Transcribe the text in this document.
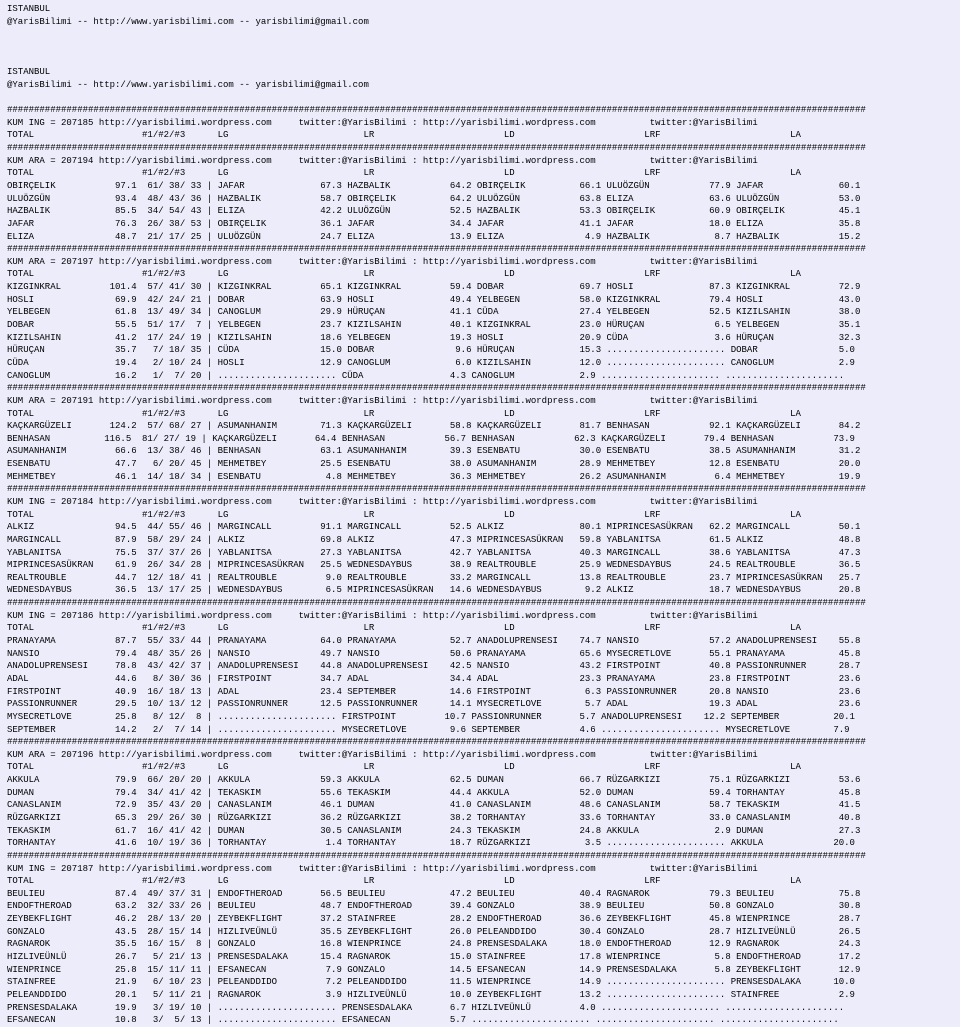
ISTANBUL
@YarisBilimi -- http://www.yarisbilimi.com -- yarisbilimi@gmail.com
ISTANBUL
@YarisBilimi -- http://www.yarisbilimi.com -- yarisbilimi@gmail.com
###############################################################################################################################################################
KUM ING = 207185 http://yarisbilimi.wordpress.com     twitter:@YarisBilimi : http://yarisbilimi.wordpress.com          twitter:@YarisBilimi
TOTAL                    #1/#2/#3      LG                         LR                        LD                        LRF                        LA
###############################################################################################################################################################
KUM ARA = 207194 http://yarisbilimi.wordpress.com     twitter:@YarisBilimi : http://yarisbilimi.wordpress.com          twitter:@YarisBilimi
TOTAL                    #1/#2/#3      LG                         LR                        LD                        LRF                        LA
OBIRÇELIK           97.1  61/ 38/ 33 | JAFAR              67.3 HAZBALIK           64.2 OBIRÇELIK          66.1 ULUÖZGÜN           77.9 JAFAR              60.1
ULUÖZGÜN            93.4  48/ 43/ 36 | HAZBALIK           58.7 OBIRÇELIK          64.2 ULUÖZGÜN           63.8 ELIZA              63.6 ULUÖZGÜN           53.0
HAZBALIK            85.5  34/ 54/ 43 | ELIZA              42.2 ULUÖZGÜN           52.5 HAZBALIK           53.3 OBIRÇELIK          60.9 OBIRÇELIK          45.1
JAFAR               76.3  26/ 38/ 53 | OBIRÇELIK          36.1 JAFAR              34.4 JAFAR              41.1 JAFAR              18.0 ELIZA              35.8
ELIZA               48.7  21/ 17/ 25 | ULUÖZGÜN           24.7 ELIZA              13.9 ELIZA               4.9 HAZBALIK            8.7 HAZBALIK           15.2
###############################################################################################################################################################
KUM ARA = 207197 http://yarisbilimi.wordpress.com     twitter:@YarisBilimi : http://yarisbilimi.wordpress.com          twitter:@YarisBilimi
TOTAL                    #1/#2/#3      LG                         LR                        LD                        LRF                        LA
KIZGINKRAL         101.4  57/ 41/ 30 | KIZGINKRAL         65.1 KIZGINKRAL         59.4 DOBAR              69.7 HOSLI              87.3 KIZGINKRAL         72.9
HOSLI               69.9  42/ 24/ 21 | DOBAR              63.9 HOSLI              49.4 YELBEGEN           58.0 KIZGINKRAL         79.4 HOSLI              43.0
YELBEGEN            61.8  13/ 49/ 34 | CANOGLUM           29.9 HÜRUÇAN            41.1 CÜDA               27.4 YELBEGEN           52.5 KIZILSAHIN         38.0
DOBAR               55.5  51/ 17/  7 | YELBEGEN           23.7 KIZILSAHIN         40.1 KIZGINKRAL         23.0 HÜRUÇAN             6.5 YELBEGEN           35.1
KIZILSAHIN          41.2  17/ 24/ 19 | KIZILSAHIN         18.6 YELBEGEN           19.3 HOSLI              20.9 CÜDA                3.6 HÜRUÇAN            32.3
HÜRUÇAN             35.7   7/ 18/ 35 | CÜDA               15.0 DOBAR               9.6 HÜRUÇAN            15.3 ...................... DOBAR               5.0
CÜDA                19.4   2/ 10/ 24 | HOSLI              12.9 CANOGLUM            6.0 KIZILSAHIN         12.0 ...................... CANOGLUM            2.9
CANOGLUM            16.2   1/  7/ 20 | ...................... CÜDA                4.3 CANOGLUM            2.9 ...................... ......................
###############################################################################################################################################################
KUM ARA = 207191 http://yarisbilimi.wordpress.com     twitter:@YarisBilimi : http://yarisbilimi.wordpress.com          twitter:@YarisBilimi
TOTAL                    #1/#2/#3      LG                         LR                        LD                        LRF                        LA
KAÇKARGÜZELI       124.2  57/ 68/ 27 | ASUMANHANIM        71.3 KAÇKARGÜZELI       58.8 KAÇKARGÜZELI       81.7 BENHASAN           92.1 KAÇKARGÜZELI       84.2
BENHASAN          116.5  81/ 27/ 19 | KAÇKARGÜZELI       64.4 BENHASAN           56.7 BENHASAN           62.3 KAÇKARGÜZELI       79.4 BENHASAN           73.9
ASUMANHANIM         66.6  13/ 38/ 46 | BENHASAN           63.1 ASUMANHANIM        39.3 ESENBATU           30.0 ESENBATU           38.5 ASUMANHANIM        31.2
ESENBATU            47.7   6/ 20/ 45 | MEHMETBEY          25.5 ESENBATU           38.0 ASUMANHANIM        28.9 MEHMETBEY          12.8 ESENBATU           20.0
MEHMETBEY           46.1  14/ 18/ 34 | ESENBATU            4.8 MEHMETBEY          36.3 MEHMETBEY          26.2 ASUMANHANIM         6.4 MEHMETBEY          19.9
###############################################################################################################################################################
KUM ING = 207184 http://yarisbilimi.wordpress.com     twitter:@YarisBilimi : http://yarisbilimi.wordpress.com          twitter:@YarisBilimi
TOTAL                    #1/#2/#3      LG                         LR                        LD                        LRF                        LA
ALKIZ               94.5  44/ 55/ 46 | MARGINCALL         91.1 MARGINCALL         52.5 ALKIZ              80.1 MIPRINCESASÜKRAN   62.2 MARGINCALL         50.1
MARGINCALL          87.9  58/ 29/ 24 | ALKIZ              69.8 ALKIZ              47.3 MIPRINCESASÜKRAN   59.8 YABLANITSA         61.5 ALKIZ              48.8
YABLANITSA          75.5  37/ 37/ 26 | YABLANITSA         27.3 YABLANITSA         42.7 YABLANITSA         40.3 MARGINCALL         38.6 YABLANITSA         47.3
MIPRINCESASÜKRAN    61.9  26/ 34/ 28 | MIPRINCESASÜKRAN   25.5 WEDNESDAYBUS       38.9 REALTROUBLE        25.9 WEDNESDAYBUS       24.5 REALTROUBLE        36.5
REALTROUBLE         44.7  12/ 18/ 41 | REALTROUBLE         9.0 REALTROUBLE        33.2 MARGINCALL         13.8 REALTROUBLE        23.7 MIPRINCESASÜKRAN   25.7
WEDNESDAYBUS        36.5  13/ 17/ 25 | WEDNESDAYBUS        6.5 MIPRINCESASÜKRAN   14.6 WEDNESDAYBUS        9.2 ALKIZ              18.7 WEDNESDAYBUS       20.8
###############################################################################################################################################################
KUM ING = 207186 http://yarisbilimi.wordpress.com     twitter:@YarisBilimi : http://yarisbilimi.wordpress.com          twitter:@YarisBilimi
TOTAL                    #1/#2/#3      LG                         LR                        LD                        LRF                        LA
PRANAYAMA           87.7  55/ 33/ 44 | PRANAYAMA          64.0 PRANAYAMA          52.7 ANADOLUPRENSESI    74.7 NANSIO             57.2 ANADOLUPRENSESI    55.8
NANSIO              79.4  48/ 35/ 26 | NANSIO             49.7 NANSIO             50.6 PRANAYAMA          65.6 MYSECRETLOVE       55.1 PRANAYAMA          45.8
ANADOLUPRENSESI     78.8  43/ 42/ 37 | ANADOLUPRENSESI    44.8 ANADOLUPRENSESI    42.5 NANSIO             43.2 FIRSTPOINT         40.8 PASSIONRUNNER      28.7
ADAL                44.6   8/ 30/ 36 | FIRSTPOINT         34.7 ADAL               34.4 ADAL               23.3 PRANAYAMA          23.8 FIRSTPOINT         23.6
FIRSTPOINT          40.9  16/ 18/ 13 | ADAL               23.4 SEPTEMBER          14.6 FIRSTPOINT          6.3 PASSIONRUNNER      20.8 NANSIO             23.6
PASSIONRUNNER       29.5  10/ 13/ 12 | PASSIONRUNNER      12.5 PASSIONRUNNER      14.1 MYSECRETLOVE        5.7 ADAL               19.3 ADAL               23.6
MYSECRETLOVE        25.8   8/ 12/  8 | ...................... FIRSTPOINT         10.7 PASSIONRUNNER       5.7 ANADOLUPRENSESI    12.2 SEPTEMBER          20.1
SEPTEMBER           14.2   2/  7/ 14 | ...................... MYSECRETLOVE        9.6 SEPTEMBER           4.6 ...................... MYSECRETLOVE        7.9
###############################################################################################################################################################
KUM ARA = 207196 http://yarisbilimi.wordpress.com     twitter:@YarisBilimi : http://yarisbilimi.wordpress.com          twitter:@YarisBilimi
TOTAL                    #1/#2/#3      LG                         LR                        LD                        LRF                        LA
AKKULA              79.9  66/ 20/ 20 | AKKULA             59.3 AKKULA             62.5 DUMAN              66.7 RÜZGARKIZI         75.1 RÜZGARKIZI         53.6
DUMAN               79.4  34/ 41/ 42 | TEKASKIM           55.6 TEKASKIM           44.4 AKKULA             52.0 DUMAN              59.4 TORHANTAY          45.8
CANASLANIM          72.9  35/ 43/ 20 | CANASLANIM         46.1 DUMAN              41.0 CANASLANIM         48.6 CANASLANIM         58.7 TEKASKIM           41.5
RÜZGARKIZI          65.3  29/ 26/ 30 | RÜZGARKIZI         36.2 RÜZGARKIZI         38.2 TORHANTAY          33.6 TORHANTAY          33.0 CANASLANIM         40.8
TEKASKIM            61.7  16/ 41/ 42 | DUMAN              30.5 CANASLANIM         24.3 TEKASKIM           24.8 AKKULA              2.9 DUMAN              27.3
TORHANTAY           41.6  10/ 19/ 36 | TORHANTAY           1.4 TORHANTAY          18.7 RÜZGARKIZI          3.5 ...................... AKKULA             20.0
###############################################################################################################################################################
KUM ING = 207187 http://yarisbilimi.wordpress.com     twitter:@YarisBilimi : http://yarisbilimi.wordpress.com          twitter:@YarisBilimi
TOTAL                    #1/#2/#3      LG                         LR                        LD                        LRF                        LA
BEULIEU             87.4  49/ 37/ 31 | ENDOFTHEROAD       56.5 BEULIEU            47.2 BEULIEU            40.4 RAGNAROK           79.3 BEULIEU            75.8
ENDOFTHEROAD        63.2  32/ 33/ 26 | BEULIEU            48.7 ENDOFTHEROAD       39.4 GONZALO            38.9 BEULIEU            50.8 GONZALO            30.8
ZEYBEKFLIGHT        46.2  28/ 13/ 20 | ZEYBEKFLIGHT       37.2 STAINFREE          28.2 ENDOFTHEROAD       36.6 ZEYBEKFLIGHT       45.8 WIENPRINCE         28.7
GONZALO             43.5  28/ 15/ 14 | HIZLIVEÜNLÜ        35.5 ZEYBEKFLIGHT       26.0 PELEANDDIDO        30.4 GONZALO            28.7 HIZLIVEÜNLÜ        26.5
RAGNAROK            35.5  16/ 15/  8 | GONZALO            16.8 WIENPRINCE         24.8 PRENSESDALAKA      18.0 ENDOFTHEROAD       12.9 RAGNAROK           24.3
HIZLIVEÜNLÜ         26.7   5/ 21/ 13 | PRENSESDALAKA      15.4 RAGNAROK           15.0 STAINFREE          17.8 WIENPRINCE          5.8 ENDOFTHEROAD       17.2
WIENPRINCE          25.8  15/ 11/ 11 | EFSANECAN           7.9 GONZALO            14.5 EFSANECAN          14.9 PRENSESDALAKA       5.8 ZEYBEKFLIGHT       12.9
STAINFREE           21.9   6/ 10/ 23 | PELEANDDIDO         7.2 PELEANDDIDO        11.5 WIENPRINCE         14.9 ...................... PRENSESDALAKA      10.0
PELEANDDIDO         20.1   5/ 11/ 21 | RAGNAROK            3.9 HIZLIVEÜNLÜ        10.0 ZEYBEKFLIGHT       13.2 ...................... STAINFREE           2.9
PRENSESDALAKA       19.9   3/ 19/ 10 | ...................... PRENSESDALAKA       6.7 HIZLIVEÜNLÜ         4.0 ...................... ......................
EFSANECAN           10.8   3/  5/ 13 | ...................... EFSANECAN           5.7 ...................... ...................... ......................
